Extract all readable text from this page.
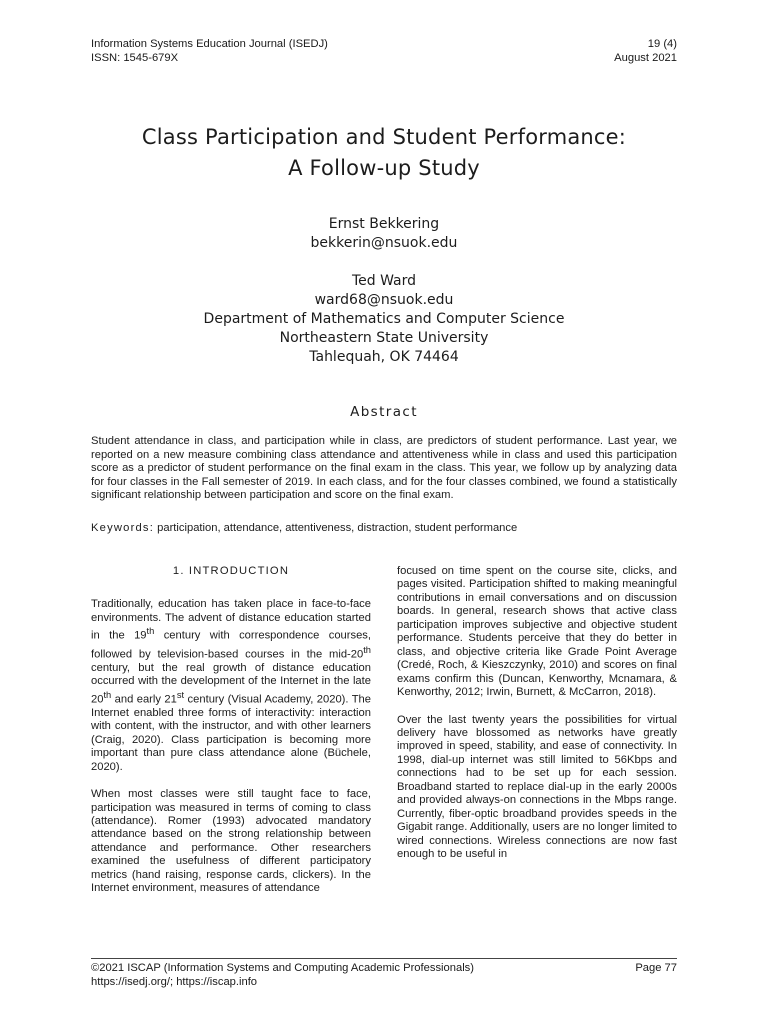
Information Systems Education Journal (ISEDJ)
ISSN: 1545-679X
19 (4)
August 2021
Class Participation and Student Performance:
A Follow-up Study
Ernst Bekkering
bekkerin@nsuok.edu
Ted Ward
ward68@nsuok.edu
Department of Mathematics and Computer Science
Northeastern State University
Tahlequah, OK 74464
Abstract
Student attendance in class, and participation while in class, are predictors of student performance. Last year, we reported on a new measure combining class attendance and attentiveness while in class and used this participation score as a predictor of student performance on the final exam in the class. This year, we follow up by analyzing data for four classes in the Fall semester of 2019. In each class, and for the four classes combined, we found a statistically significant relationship between participation and score on the final exam.
Keywords: participation, attendance, attentiveness, distraction, student performance
1. INTRODUCTION

Traditionally, education has taken place in face-to-face environments. The advent of distance education started in the 19th century with correspondence courses, followed by television-based courses in the mid-20th century, but the real growth of distance education occurred with the development of the Internet in the late 20th and early 21st century (Visual Academy, 2020). The Internet enabled three forms of interactivity: interaction with content, with the instructor, and with other learners (Craig, 2020). Class participation is becoming more important than pure class attendance alone (Büchele, 2020).

When most classes were still taught face to face, participation was measured in terms of coming to class (attendance). Romer (1993) advocated mandatory attendance based on the strong relationship between attendance and performance. Other researchers examined the usefulness of different participatory metrics (hand raising, response cards, clickers). In the Internet environment, measures of attendance

focused on time spent on the course site, clicks, and pages visited. Participation shifted to making meaningful contributions in email conversations and on discussion boards. In general, research shows that active class participation improves subjective and objective student performance. Students perceive that they do better in class, and objective criteria like Grade Point Average (Credé, Roch, & Kieszczynky, 2010) and scores on final exams confirm this (Duncan, Kenworthy, Mcnamara, & Kenworthy, 2012; Irwin, Burnett, & McCarron, 2018).

Over the last twenty years the possibilities for virtual delivery have blossomed as networks have greatly improved in speed, stability, and ease of connectivity. In 1998, dial-up internet was still limited to 56Kbps and connections had to be set up for each session. Broadband started to replace dial-up in the early 2000s and provided always-on connections in the Mbps range. Currently, fiber-optic broadband provides speeds in the Gigabit range. Additionally, users are no longer limited to wired connections. Wireless connections are now fast enough to be useful in

©2021 ISCAP (Information Systems and Computing Academic Professionals)
https://isedj.org/; https://iscap.info
Page 77
